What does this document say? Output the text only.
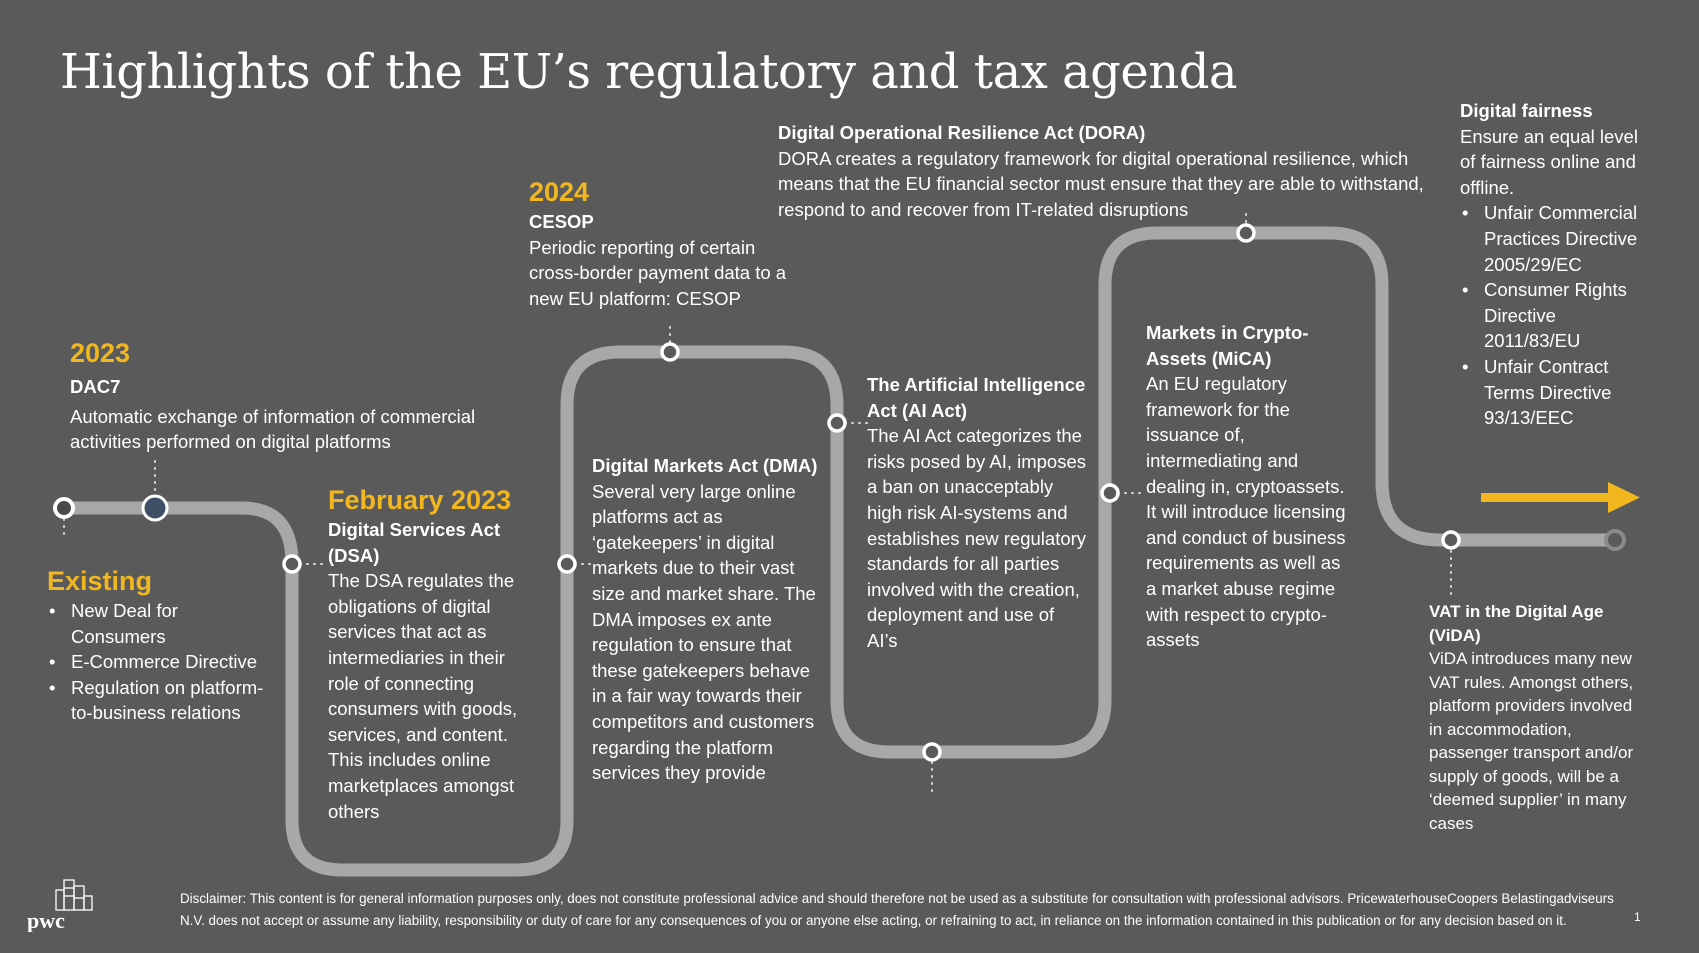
Highlights of the EU’s regulatory and tax agenda
Existing
• New Deal for Consumers
• E-Commerce Directive
• Regulation on platform-to-business relations
2023
DAC7
Automatic exchange of information of commercial activities performed on digital platforms
February 2023
Digital Services Act (DSA)
The DSA regulates the obligations of digital services that act as intermediaries in their role of connecting consumers with goods, services, and content. This includes online marketplaces amongst others
2024
CESOP
Periodic reporting of certain cross-border payment data to a new EU platform: CESOP
Digital Markets Act (DMA)
Several very large online platforms act as ‘gatekeepers’ in digital markets due to their vast size and market share. The DMA imposes ex ante regulation to ensure that these gatekeepers behave in a fair way towards their competitors and customers regarding the platform services they provide
The Artificial Intelligence Act (AI Act)
The AI Act categorizes the risks posed by AI, imposes a ban on unacceptably high risk AI-systems and establishes new regulatory standards for all parties involved with the creation, deployment and use of AI’s
Digital Operational Resilience Act (DORA)
DORA creates a regulatory framework for digital operational resilience, which means that the EU financial sector must ensure that they are able to withstand, respond to and recover from IT-related disruptions
Markets in Crypto-Assets (MiCA)
An EU regulatory framework for the issuance of, intermediating and dealing in, cryptoassets. It will introduce licensing and conduct of business requirements as well as a market abuse regime with respect to crypto-assets
Digital fairness
Ensure an equal level of fairness online and offline.
• Unfair Commercial Practices Directive 2005/29/EC
• Consumer Rights Directive 2011/83/EU
• Unfair Contract Terms Directive 93/13/EEC
VAT in the Digital Age (ViDA)
ViDA introduces many new VAT rules. Amongst others, platform providers involved in accommodation, passenger transport and/or supply of goods, will be a ‘deemed supplier’ in many cases
pwc
Disclaimer: This content is for general information purposes only, does not constitute professional advice and should therefore not be used as a substitute for consultation with professional advisors. PricewaterhouseCoopers Belastingadviseurs N.V. does not accept or assume any liability, responsibility or duty of care for any consequences of you or anyone else acting, or refraining to act, in reliance on the information contained in this publication or for any decision based on it.	1
